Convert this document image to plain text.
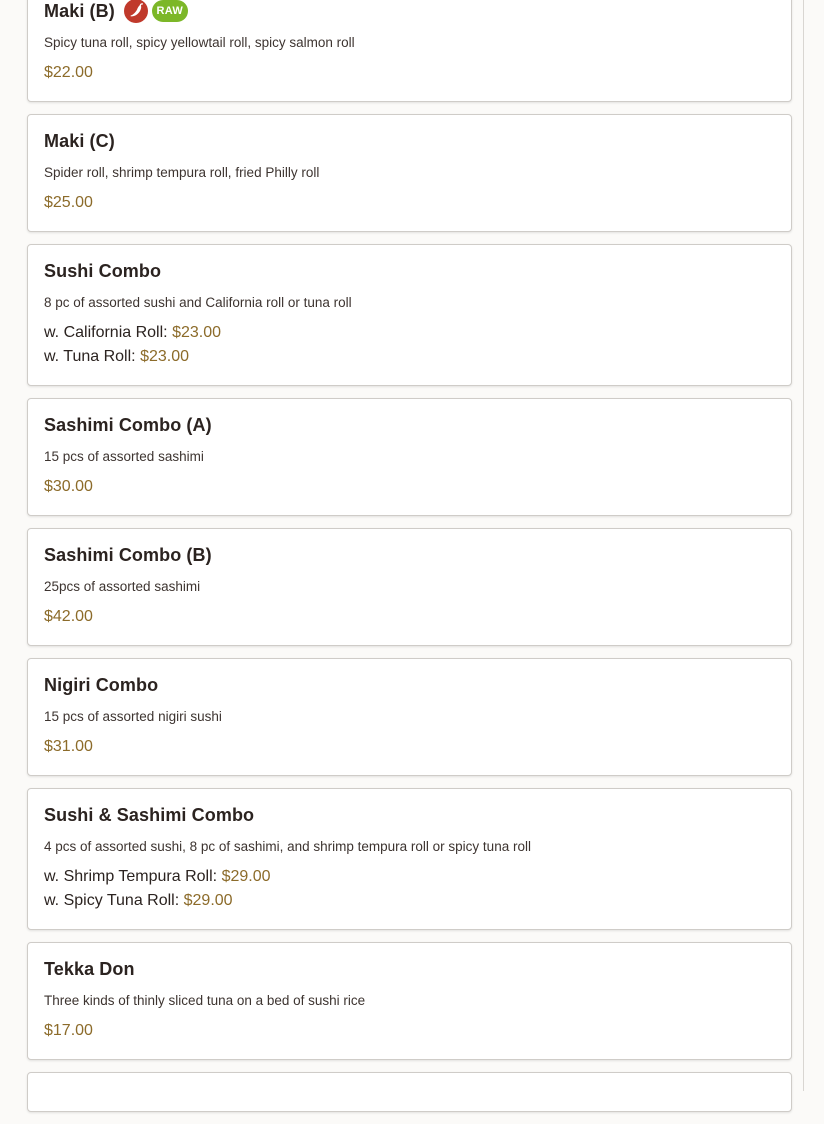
Maki (B)	RAW
Spicy tuna roll, spicy yellowtail roll, spicy salmon roll
$22.00
Maki (C)
Spider roll, shrimp tempura roll, fried Philly roll
$25.00
Sushi Combo
8 pc of assorted sushi and California roll or tuna roll
w. California Roll: $23.00
w. Tuna Roll: $23.00
Sashimi Combo (A)
15 pcs of assorted sashimi
$30.00
Sashimi Combo (B)
25pcs of assorted sashimi
$42.00
Nigiri Combo
15 pcs of assorted nigiri sushi
$31.00
Sushi & Sashimi Combo
4 pcs of assorted sushi, 8 pc of sashimi, and shrimp tempura roll or spicy tuna roll
w. Shrimp Tempura Roll: $29.00
w. Spicy Tuna Roll: $29.00
Tekka Don
Three kinds of thinly sliced tuna on a bed of sushi rice
$17.00
